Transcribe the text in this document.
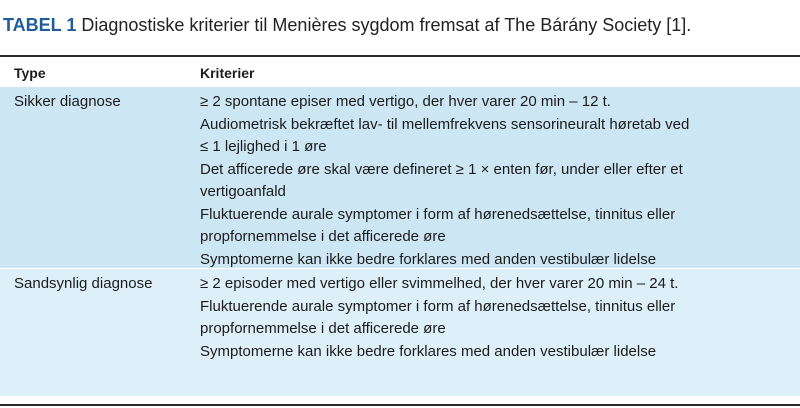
TABEL 1 Diagnostiske kriterier til Menières sygdom fremsat af The Bárány Society [1].
Type	Kriterier
Sikker diagnose	≥ 2 spontane episer med vertigo, der hver varer 20 min – 12 t.
Audiometrisk bekræftet lav- til mellemfrekvens sensorineuralt høretab ved
≤ 1 lejlighed i 1 øre
Det afficerede øre skal være defineret ≥ 1 × enten før, under eller efter et
vertigoanfald
Fluktuerende aurale symptomer i form af hørenedsættelse, tinnitus eller
propfornemmelse i det afficerede øre
Symptomerne kan ikke bedre forklares med anden vestibulær lidelse
Sandsynlig diagnose	≥ 2 episoder med vertigo eller svimmelhed, der hver varer 20 min – 24 t.
Fluktuerende aurale symptomer i form af hørenedsættelse, tinnitus eller
propfornemmelse i det afficerede øre
Symptomerne kan ikke bedre forklares med anden vestibulær lidelse
